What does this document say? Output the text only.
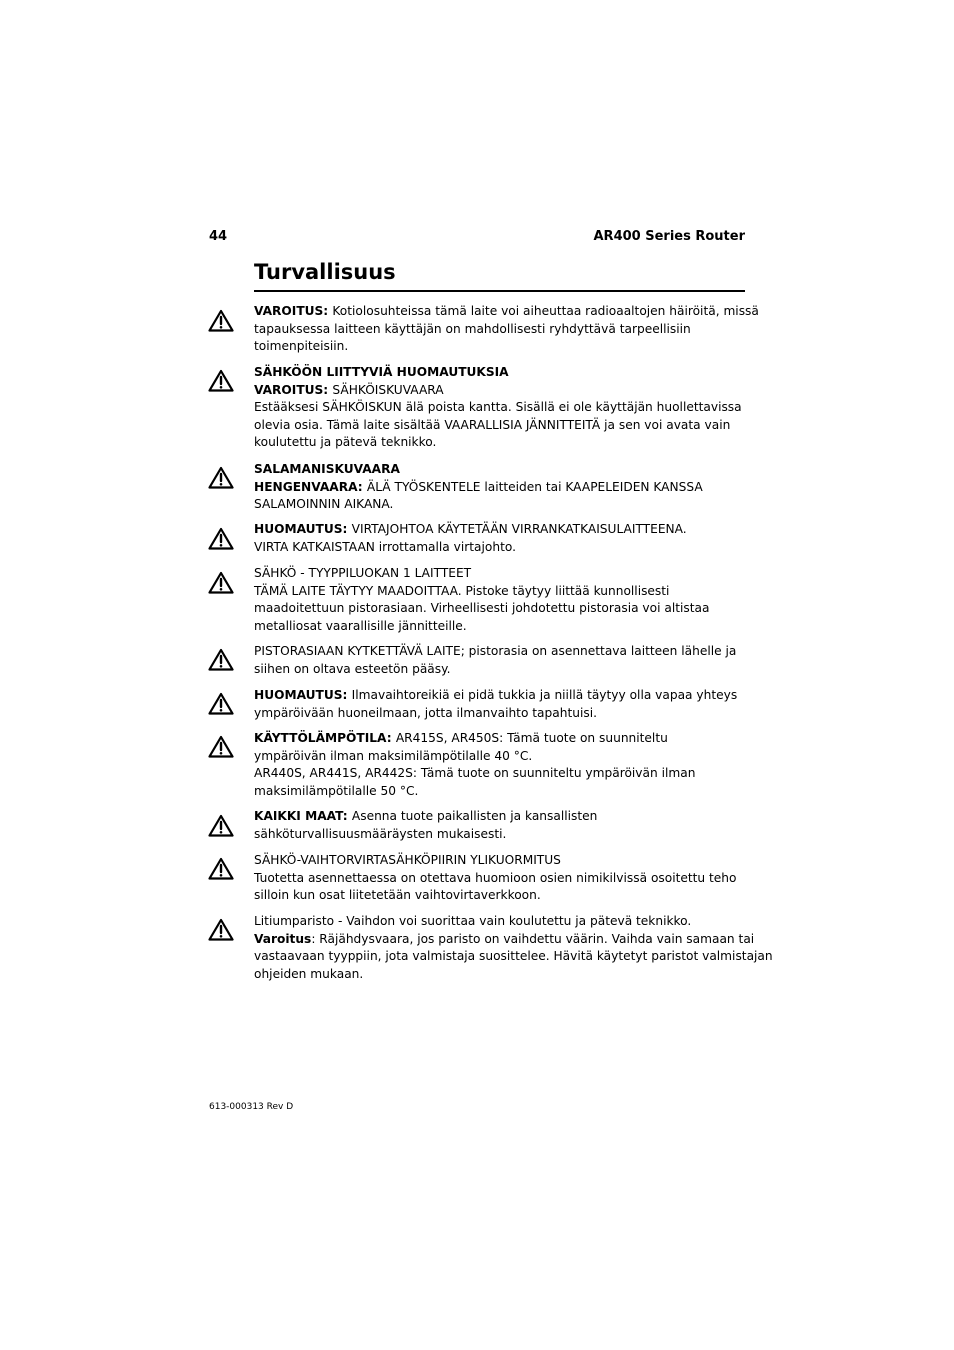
44	AR400 Series Router
Turvallisuus
VAROITUS: Kotiolosuhteissa tämä laite voi aiheuttaa radioaaltojen häiröitä, missä
tapauksessa laitteen käyttäjän on mahdollisesti ryhdyttävä tarpeellisiin
toimenpiteisiin.
SÄHKÖÖN LIITTYVIÄ HUOMAUTUKSIA
VAROITUS: SÄHKÖISKUVAARA
Estääksesi SÄHKÖISKUN älä poista kantta. Sisällä ei ole käyttäjän huollettavissa
olevia osia. Tämä laite sisältää VAARALLISIA JÄNNITTEITÄ ja sen voi avata vain
koulutettu ja pätevä teknikko.
SALAMANISKUVAARA
HENGENVAARA: ÄLÄ TYÖSKENTELE laitteiden tai KAAPELEIDEN KANSSA
SALAMOINNIN AIKANA.
HUOMAUTUS: VIRTAJOHTOA KÄYTETÄÄN VIRRANKATKAISULAITTEENA.
VIRTA KATKAISTAAN irrottamalla virtajohto.
SÄHKÖ - TYYPPILUOKAN 1 LAITTEET
TÄMÄ LAITE TÄYTYY MAADOITTAA. Pistoke täytyy liittää kunnollisesti
maadoitettuun pistorasiaan. Virheellisesti johdotettu pistorasia voi altistaa
metalliosat vaarallisille jännitteille.
PISTORASIAAN KYTKETTÄVÄ LAITE; pistorasia on asennettava laitteen lähelle ja
siihen on oltava esteetön pääsy.
HUOMAUTUS: Ilmavaihtoreikiä ei pidä tukkia ja niillä täytyy olla vapaa yhteys
ympäröivään huoneilmaan, jotta ilmanvaihto tapahtuisi.
KÄYTTÖLÄMPÖTILA: AR415S, AR450S: Tämä tuote on suunniteltu
ympäröivän ilman maksimilämpötilalle 40 °C.
AR440S, AR441S, AR442S: Tämä tuote on suunniteltu ympäröivän ilman
maksimilämpötilalle 50 °C.
KAIKKI MAAT: Asenna tuote paikallisten ja kansallisten
sähköturvallisuusmääräysten mukaisesti.
SÄHKÖ-VAIHTORVIRTASÄHKÖPIIRIN YLIKUORMITUS
Tuotetta asennettaessa on otettava huomioon osien nimikilvissä osoitettu teho
silloin kun osat liitetetään vaihtovirtaverkkoon.
Litiumparisto - Vaihdon voi suorittaa vain koulutettu ja pätevä teknikko.
Varoitus: Räjähdysvaara, jos paristo on vaihdettu väärin. Vaihda vain samaan tai
vastaavaan tyyppiin, jota valmistaja suosittelee. Hävitä käytetyt paristot valmistajan
ohjeiden mukaan.
613-000313 Rev D
